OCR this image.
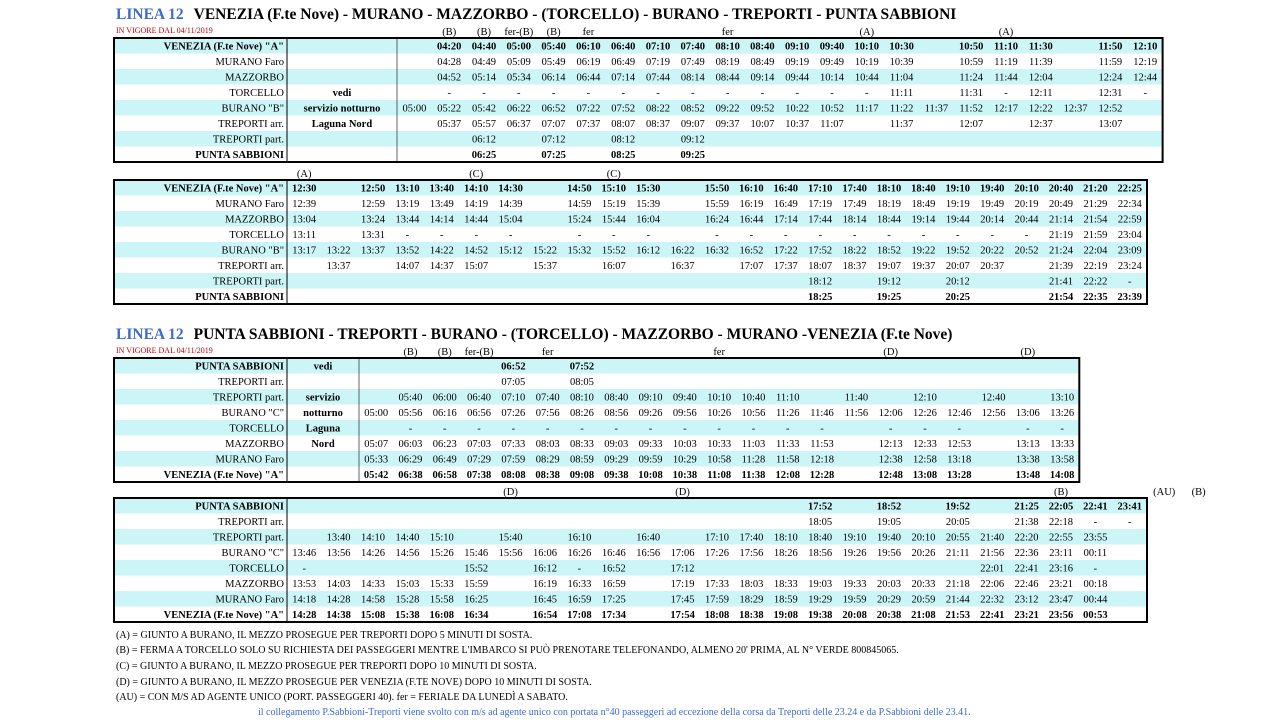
LINEA 12 VENEZIA (F.te Nove) - MURANO - MAZZORBO - (TORCELLO) - BURANO - TREPORTI - PUNTA SABBIONI
IN VIGORE DAL 04/11/2019	(B) (B) fer-(B) (B) fer	fer	(A)	(A)
VENEZIA (F.te Nove) "A"	04:20 04:40 05:00 05:40 06:10 06:40 07:10 07:40 08:10 08:40 09:10 09:40 10:10 10:30	10:50 11:10 11:30	11:50 12:10
MURANO Faro	04:28 04:49 05:09 05:49 06:19 06:49 07:19 07:49 08:19 08:49 09:19 09:49 10:19 10:39	10:59 11:19 11:39	11:59 12:19
MAZZORBO	04:52 05:14 05:34 06:14 06:44 07:14 07:44 08:14 08:44 09:14 09:44 10:14 10:44 11:04	11:24 11:44 12:04	12:24 12:44
TORCELLO	vedi	-	-	-	-	-	-	-	-	-	-	-	-	- 11:11	11:31 - 12:11	12:31 -
BURANO "B" servizio notturno 05:00 05:22 05:42 06:22 06:52 07:22 07:52 08:22 08:52 09:22 09:52 10:22 10:52 11:17 11:22 11:37 11:52 12:17 12:22 12:37 12:52
TREPORTI arr.	Laguna Nord	05:37 05:57 06:37 07:07 07:37 08:07 08:37 09:07 09:37 10:07 10:37 11:07	11:37	12:07	12:37	13:07
TREPORTI part.	06:12	07:12	08:12	09:12
PUNTA SABBIONI	06:25	07:25	08:25	09:25
(A)	(C)	(C)
VENEZIA (F.te Nove) "A" 12:30	12:50 13:10 13:40 14:10 14:30	14:50 15:10 15:30	15:50 16:10 16:40 17:10 17:40 18:10 18:40 19:10 19:40 20:10 20:40 21:20 22:25
MURANO Faro 12:39	12:59 13:19 13:49 14:19 14:39	14:59 15:19 15:39	15:59 16:19 16:49 17:19 17:49 18:19 18:49 19:19 19:49 20:19 20:49 21:29 22:34
MAZZORBO 13:04	13:24 13:44 14:14 14:44 15:04	15:24 15:44 16:04	16:24 16:44 17:14 17:44 18:14 18:44 19:14 19:44 20:14 20:44 21:14 21:54 22:59
TORCELLO 13:11	13:31 -	-	-	-	-	-	-	-	-	-	-	-	-	-	-	-	- 21:19 21:59 23:04
BURANO "B" 13:17 13:22 13:37 13:52 14:22 14:52 15:12 15:22 15:32 15:52 16:12 16:22 16:32 16:52 17:22 17:52 18:22 18:52 19:22 19:52 20:22 20:52 21:24 22:04 23:09
TREPORTI arr.	13:37	14:07 14:37 15:07	15:37	16:07	16:37	17:07 17:37 18:07 18:37 19:07 19:37 20:07 20:37	21:39 22:19 23:24
TREPORTI part.	18:12	19:12	20:12	21:41 22:22 -
PUNTA SABBIONI	18:25	19:25	20:25	21:54 22:35 23:39
LINEA 12 PUNTA SABBIONI - TREPORTI - BURANO - (TORCELLO) - MAZZORBO - MURANO -VENEZIA (F.te Nove)
IN VIGORE DAL 04/11/2019	(B) (B) fer-(B)	fer	fer	(D)	(D)
PUNTA SABBIONI	vedi	06:52	07:52
TREPORTI arr.	07:05	08:05
TREPORTI part. servizio	05:40 06:00 06:40 07:10 07:40 08:10 08:40 09:10 09:40 10:10 10:40 11:10	11:40	12:10	12:40	13:10
BURANO "C" notturno 05:00 05:56 06:16 06:56 07:26 07:56 08:26 08:56 09:26 09:56 10:26 10:56 11:26 11:46 11:56 12:06 12:26 12:46 12:56 13:06 13:26
TORCELLO Laguna	-	-	-	-	-	-	-	-	-	-	-	-	-	-	-	-	-	-
MAZZORBO	Nord	05:07 06:03 06:23 07:03 07:33 08:03 08:33 09:03 09:33 10:03 10:33 11:03 11:33 11:53	12:13 12:33 12:53	13:13 13:33
MURANO Faro	05:33 06:29 06:49 07:29 07:59 08:29 08:59 09:29 09:59 10:29 10:58 11:28 11:58 12:18	12:38 12:58 13:18	13:38 13:58
VENEZIA (F.te Nove) "A"	05:42 06:38 06:58 07:38 08:08 08:38 09:08 09:38 10:08 10:38 11:08 11:38 12:08 12:28	12:48 13:08 13:28	13:48 14:08
(D)	(D)	(B)	(AU) (B)
PUNTA SABBIONI	17:52	18:52	19:52	21:25 22:05 22:41 23:41
TREPORTI arr.	18:05	19:05	20:05	21:38 22:18 -	-
TREPORTI part.	13:40 14:10 14:40 15:10	15:40	16:10	16:40	17:10 17:40 18:10 18:40 19:10 19:40 20:10 20:55 21:40 22:20 22:55 23:55
BURANO "C" 13:46 13:56 14:26 14:56 15:26 15:46 15:56 16:06 16:26 16:46 16:56 17:06 17:26 17:56 18:26 18:56 19:26 19:56 20:26 21:11 21:56 22:36 23:11 00:11
TORCELLO -	15:52	16:12 - 16:52	17:12	22:01 22:41 23:16 -
MAZZORBO 13:53 14:03 14:33 15:03 15:33 15:59	16:19 16:33 16:59	17:19 17:33 18:03 18:33 19:03 19:33 20:03 20:33 21:18 22:06 22:46 23:21 00:18
MURANO Faro 14:18 14:28 14:58 15:28 15:58 16:25	16:45 16:59 17:25	17:45 17:59 18:29 18:59 19:29 19:59 20:29 20:59 21:44 22:32 23:12 23:47 00:44
VENEZIA (F.te Nove) "A" 14:28 14:38 15:08 15:38 16:08 16:34	16:54 17:08 17:34	17:54 18:08 18:38 19:08 19:38 20:08 20:38 21:08 21:53 22:41 23:21 23:56 00:53
(A) = GIUNTO A BURANO, IL MEZZO PROSEGUE PER TREPORTI DOPO 5 MINUTI DI SOSTA.
(B) = FERMA A TORCELLO SOLO SU RICHIESTA DEI PASSEGGERI MENTRE L'IMBARCO SI PUÒ PRENOTARE TELEFONANDO, ALMENO 20' PRIMA, AL N° VERDE 800845065.
(C) = GIUNTO A BURANO, IL MEZZO PROSEGUE PER TREPORTI DOPO 10 MINUTI DI SOSTA.
(D) = GIUNTO A BURANO, IL MEZZO PROSEGUE PER VENEZIA (F.TE NOVE) DOPO 10 MINUTI DI SOSTA.
(AU) = CON M/S AD AGENTE UNICO (PORT. PASSEGGERI 40). fer = FERIALE DA LUNEDÌ A SABATO.
il collegamento P.Sabbioni-Treporti viene svolto con m/s ad agente unico con portata n°40 passeggeri ad eccezione della corsa da Treporti delle 23.24 e da P.Sabbioni delle 23.41.
